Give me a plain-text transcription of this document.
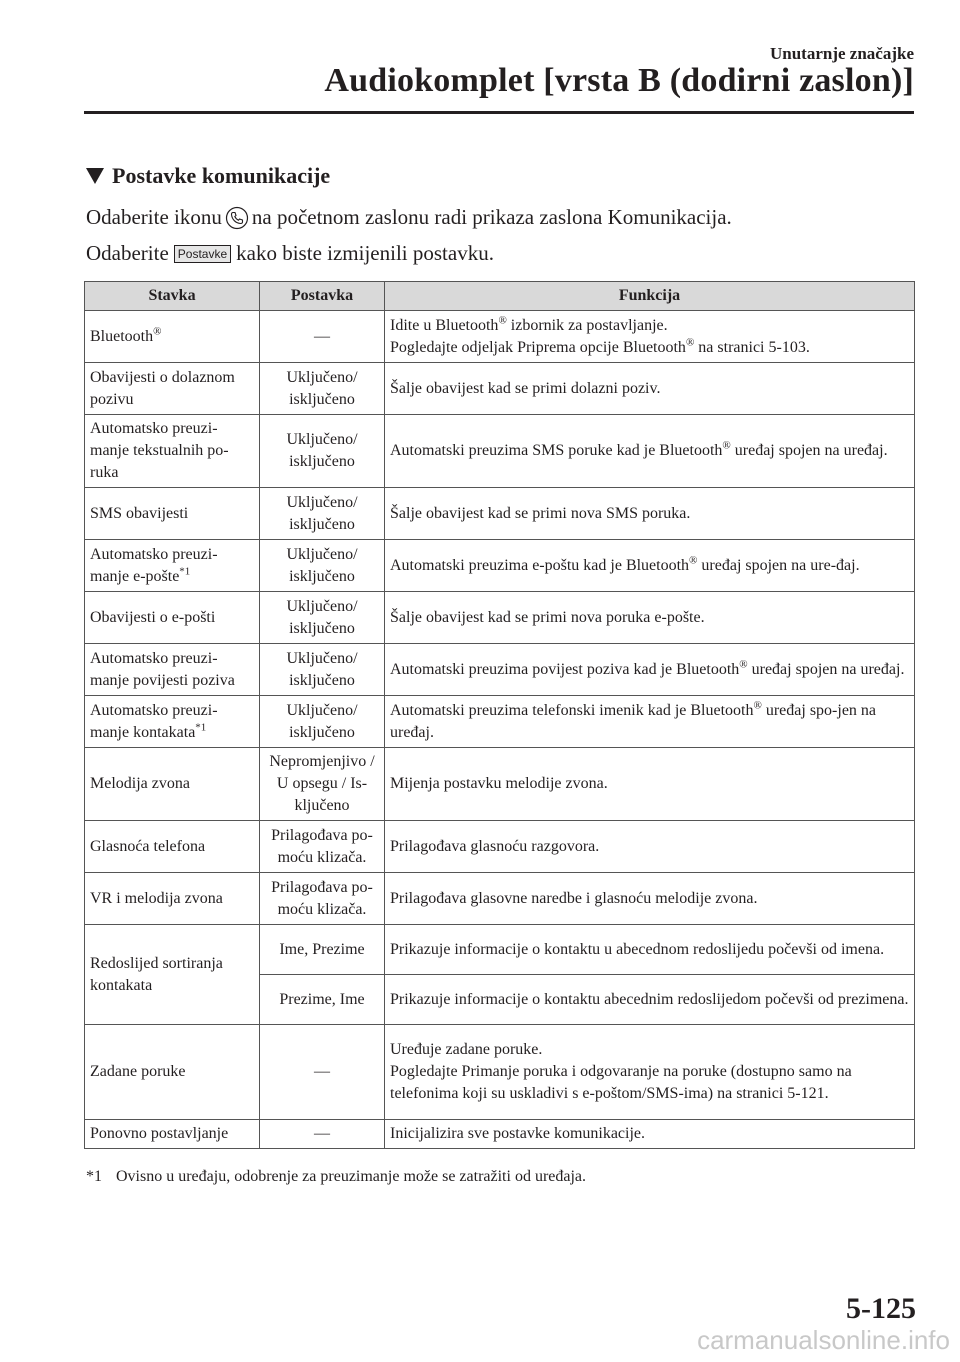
Unutarnje značajke
Audiokomplet [vrsta B (dodirni zaslon)]
Postavke komunikacije
Odaberite ikonu na početnom zaslonu radi prikaza zaslona Komunikacija.
Odaberite Postavke kako biste izmijenili postavku.
Stavka	Postavka	Funkcija
Bluetooth®	—	Idite u Bluetooth® izbornik za postavljanje.
Pogledajte odjeljak Priprema opcije Bluetooth® na stranici 5-103.
Obavijesti o dolaznom pozivu	Uključeno/ isključeno	Šalje obavijest kad se primi dolazni poziv.
Automatsko preuzi-manje tekstualnih po-ruka	Uključeno/ isključeno	Automatski preuzima SMS poruke kad je Bluetooth® uređaj spojen na uređaj.
SMS obavijesti	Uključeno/ isključeno	Šalje obavijest kad se primi nova SMS poruka.
Automatsko preuzi-manje e-pošte$^{*1}$	Uključeno/ isključeno	Automatski preuzima e-poštu kad je Bluetooth® uređaj spojen na ure-đaj.
Obavijesti o e-pošti	Uključeno/ isključeno	Šalje obavijest kad se primi nova poruka e-pošte.
Automatsko preuzi-manje povijesti poziva	Uključeno/ isključeno	Automatski preuzima povijest poziva kad je Bluetooth® uređaj spojen na uređaj.
Automatsko preuzi-manje kontakata$^{*1}$	Uključeno/ isključeno	Automatski preuzima telefonski imenik kad je Bluetooth® uređaj spo-jen na uređaj.
Melodija zvona	Nepromjenjivo / U opsegu / Is-ključeno	Mijenja postavku melodije zvona.
Glasnoća telefona	Prilagođava po-moću klizača.	Prilagođava glasnoću razgovora.
VR i melodija zvona	Prilagođava po-moću klizača.	Prilagođava glasovne naredbe i glasnoću melodije zvona.
Redoslijed sortiranja kontakata	Ime, Prezime	Prikazuje informacije o kontaktu u abecednom redoslijedu počevši od imena.
	Prezime, Ime	Prikazuje informacije o kontaktu abecednim redoslijedom počevši od prezimena.
Zadane poruke	—	Uređuje zadane poruke.
Pogledajte Primanje poruka i odgovaranje na poruke (dostupno samo na telefonima koji su uskladivi s e-poštom/SMS-ima) na stranici 5-121.
Ponovno postavljanje	—	Inicijalizira sve postavke komunikacije.
*1 Ovisno u uređaju, odobrenje za preuzimanje može se zatražiti od uređaja.
5-125
carmanualsonline.info
